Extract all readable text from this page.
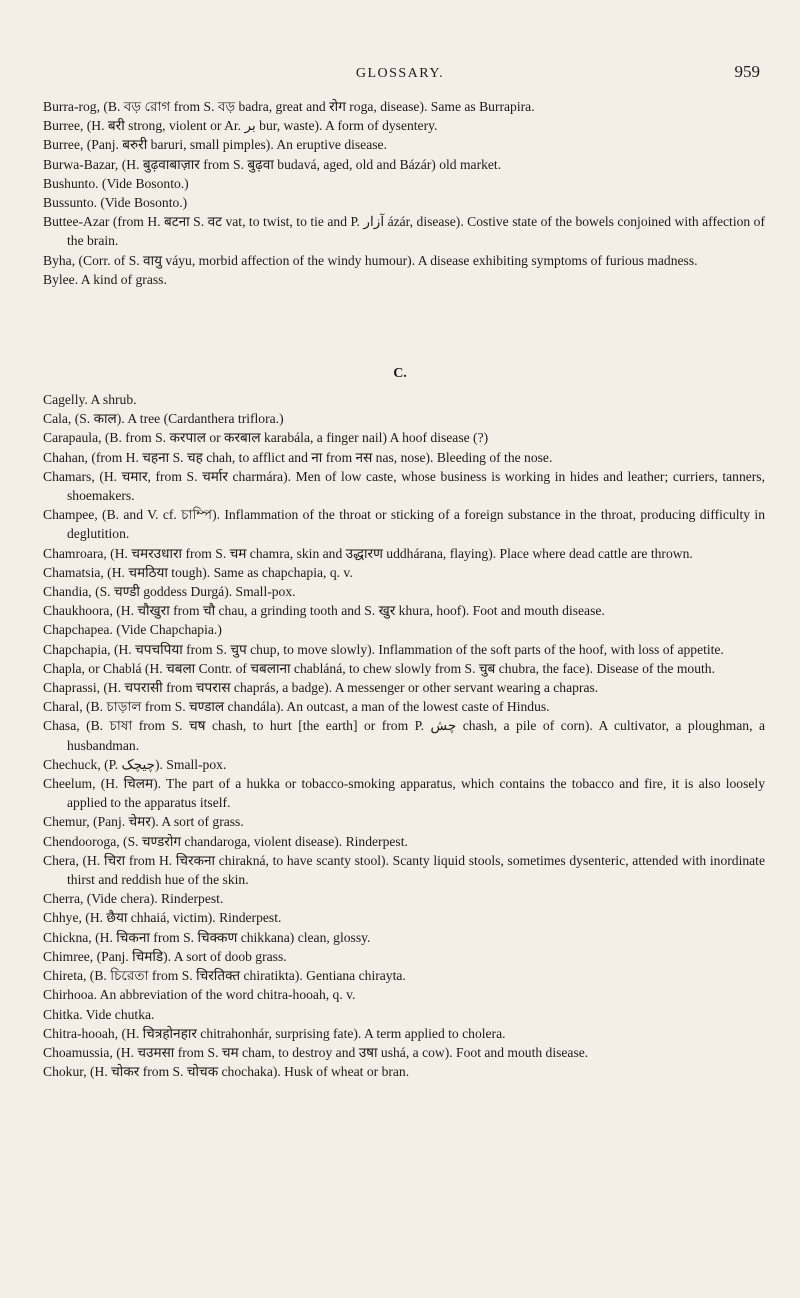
GLOSSARY.	959

Burra-rog, (B. বড় রোগ from S. বড় badra, great and रोग roga, disease). Same as Burrapira.

Burree, (H. बरी strong, violent or Ar. بر bur, waste). A form of dysentery.

Burree, (Panj. बरुरी baruri, small pimples). An eruptive disease.

Burwa-Bazar, (H. बुढ़वाबाज़ार from S. बुढ़वा budavá, aged, old and Bázár) old market.

Bushunto. (Vide Bosonto.)

Bussunto. (Vide Bosonto.)

Buttee-Azar (from H. बटना S. वट vat, to twist, to tie and P. آزار ázár, disease). Costive state of the bowels conjoined with affection of the brain.

Byha, (Corr. of S. वायु váyu, morbid affection of the windy humour). A disease exhibiting symptoms of furious madness.

Bylee. A kind of grass.

C.

Cagelly. A shrub.

Cala, (S. काल). A tree (Cardanthera triflora.)

Carapaula, (B. from S. करपाल or करबाल karabála, a finger nail) A hoof disease (?)

Chahan, (from H. चहना S. चह chah, to afflict and ना from नस nas, nose). Bleeding of the nose.

Chamars, (H. चमार, from S. चर्मार charmára). Men of low caste, whose business is working in hides and leather; curriers, tanners, shoemakers.

Champee, (B. and V. cf. চাম্পি). Inflammation of the throat or sticking of a foreign substance in the throat, producing difficulty in deglutition.

Chamroara, (H. चमरउधारा from S. चम chamra, skin and उद्धारण uddhárana, flaying). Place where dead cattle are thrown.

Chamatsia, (H. चमठिया tough). Same as chapchapia, q. v.

Chandia, (S. चण्डी goddess Durgá). Small-pox.

Chaukhoora, (H. चौखुरा from चौ chau, a grinding tooth and S. खुर khura, hoof). Foot and mouth disease.

Chapchapea. (Vide Chapchapia.)

Chapchapia, (H. चपचपिया from S. चुप chup, to move slowly). Inflammation of the soft parts of the hoof, with loss of appetite.

Chapla, or Chablá (H. चबला Contr. of चबलाना chabláná, to chew slowly from S. चुब chubra, the face). Disease of the mouth.

Chaprassi, (H. चपरासी from चपरास chaprás, a badge). A messenger or other servant wearing a chapras.

Charal, (B. চাড়াল from S. चण्डाल chandála). An outcast, a man of the lowest caste of Hindus.

Chasa, (B. চাষা from S. चष chash, to hurt [the earth] or from P. چش chash, a pile of corn). A cultivator, a ploughman, a husbandman.

Chechuck, (P. چیچک). Small-pox.

Cheelum, (H. चिलम). The part of a hukka or tobacco-smoking apparatus, which contains the tobacco and fire, it is also loosely applied to the apparatus itself.

Chemur, (Panj. चेमर). A sort of grass.

Chendooroga, (S. चण्डरोग chandaroga, violent disease). Rinderpest.

Chera, (H. चिरा from H. चिरकना chirakná, to have scanty stool). Scanty liquid stools, sometimes dysenteric, attended with inordinate thirst and reddish hue of the skin.

Cherra, (Vide chera). Rinderpest.

Chhye, (H. छैया chhaiá, victim). Rinderpest.

Chickna, (H. चिकना from S. चिक्कण chikkana) clean, glossy.

Chimree, (Panj. चिमडि). A sort of doob grass.

Chireta, (B. চিরেতা from S. चिरतिक्त chiratikta). Gentiana chirayta.

Chirhooa. An abbreviation of the word chitra-hooah, q. v.

Chitka. Vide chutka.

Chitra-hooah, (H. चित्रहोनहार chitrahonhár, surprising fate). A term applied to cholera.

Choamussia, (H. चउमसा from S. चम cham, to destroy and उषा ushá, a cow). Foot and mouth disease.

Chokur, (H. चोकर from S. चोचक chochaka). Husk of wheat or bran.
